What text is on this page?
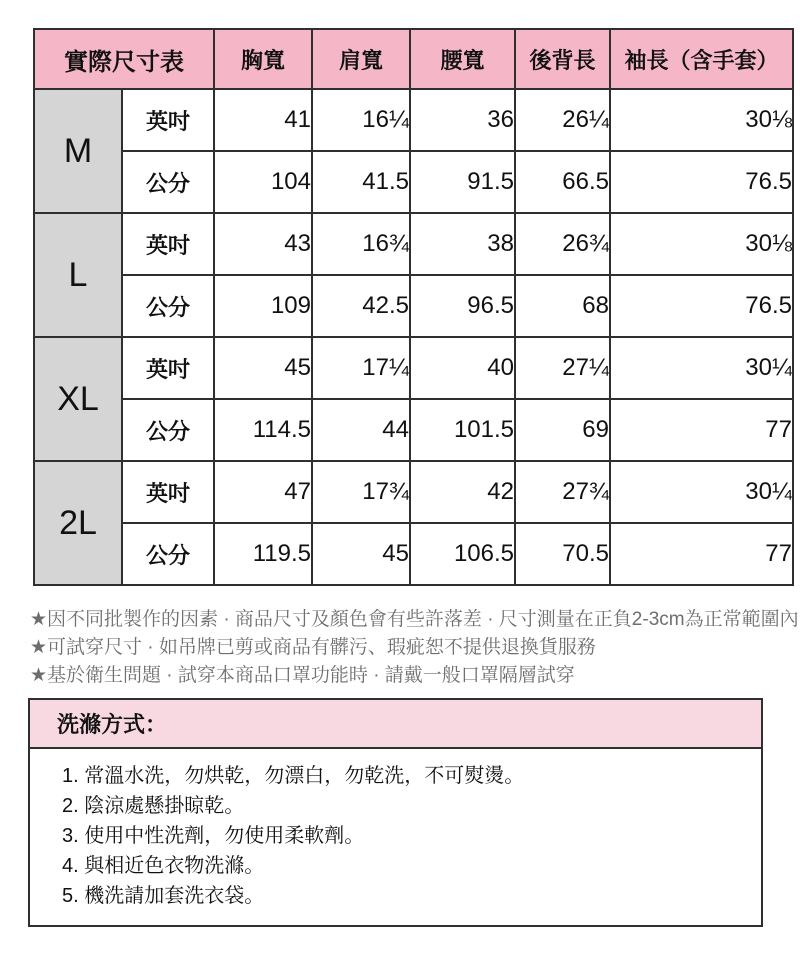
實際尺寸表		胸寬	肩寬	腰寬	後背長	袖長（含手套）
M	英吋	41	16¼	36	26¼	30⅛
	公分	104	41.5	91.5	66.5	76.5
L	英吋	43	16¾	38	26¾	30⅛
	公分	109	42.5	96.5	68	76.5
XL	英吋	45	17¼	40	27¼	30¼
	公分	114.5	44	101.5	69	77
2L	英吋	47	17¾	42	27¾	30¼
	公分	119.5	45	106.5	70.5	77

★因不同批製作的因素 · 商品尺寸及顏色會有些許落差 · 尺寸測量在正負2-3cm為正常範圍內

★可試穿尺寸 · 如吊牌已剪或商品有髒污、瑕疵恕不提供退換貨服務

★基於衛生問題 · 試穿本商品口罩功能時 · 請戴一般口罩隔層試穿

洗滌方式：

1. 常溫水洗，勿烘乾，勿漂白，勿乾洗，不可熨燙。

2. 陰涼處懸掛晾乾。

3. 使用中性洗劑，勿使用柔軟劑。

4. 與相近色衣物洗滌。

5. 機洗請加套洗衣袋。
